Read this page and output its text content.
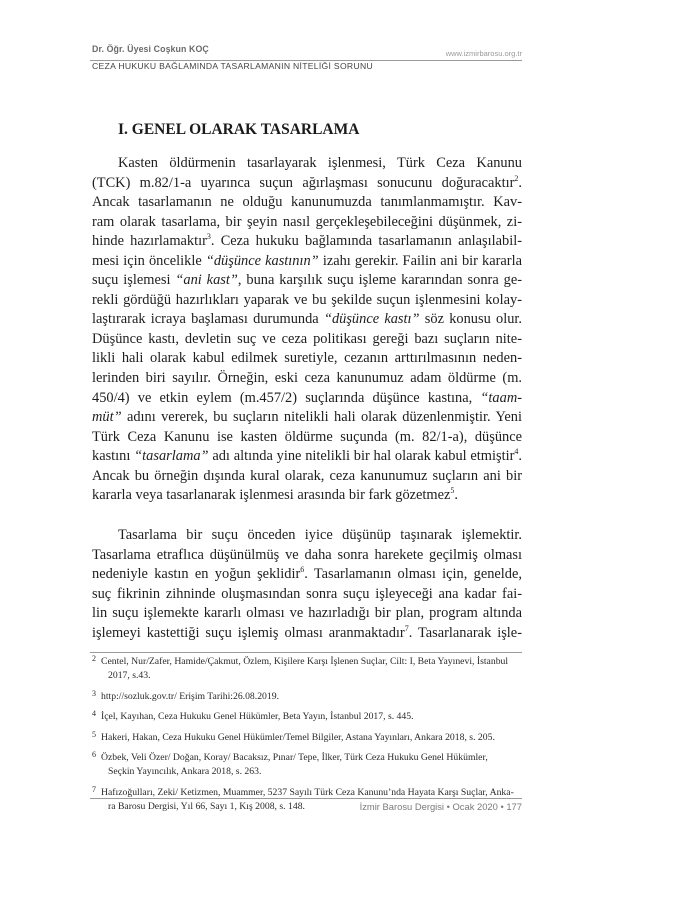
Dr. Öğr. Üyesi Coşkun KOÇ	www.izmirbarosu.org.tr
CEZA HUKUKU BAĞLAMINDA TASARLAMANIN NİTELİĞİ SORUNU
I. GENEL OLARAK TASARLAMA
Kasten öldürmenin tasarlayarak işlenmesi, Türk Ceza Kanunu
(TCK) m.82/1-a uyarınca suçun ağırlaşması sonucunu doğuracaktır$^2$.
Ancak tasarlamanın ne olduğu kanunumuzda tanımlanmamıştır. Kav-
ram olarak tasarlama, bir şeyin nasıl gerçekleşebileceğini düşünmek, zi-
hinde hazırlamaktır$^3$. Ceza hukuku bağlamında tasarlamanın anlaşılabil-
mesi için öncelikle “düşünce kastının” izahı gerekir. Failin ani bir kararla
suçu işlemesi “ani kast”, buna karşılık suçu işleme kararından sonra ge-
rekli gördüğü hazırlıkları yaparak ve bu şekilde suçun işlenmesini kolay-
laştırarak icraya başlaması durumunda “düşünce kastı” söz konusu olur.
Düşünce kastı, devletin suç ve ceza politikası gereği bazı suçların nite-
likli hali olarak kabul edilmek suretiyle, cezanın arttırılmasının neden-
lerinden biri sayılır. Örneğin, eski ceza kanunumuz adam öldürme (m.
450/4) ve etkin eylem (m.457/2) suçlarında düşünce kastına, “taam-
müt” adını vererek, bu suçların nitelikli hali olarak düzenlenmiştir. Yeni
Türk Ceza Kanunu ise kasten öldürme suçunda (m. 82/1-a), düşünce
kastını “tasarlama” adı altında yine nitelikli bir hal olarak kabul etmiştir$^4$.
Ancak bu örneğin dışında kural olarak, ceza kanunumuz suçların ani bir
kararla veya tasarlanarak işlenmesi arasında bir fark gözetmez$^5$.
Tasarlama bir suçu önceden iyice düşünüp taşınarak işlemektir.
Tasarlama etraflıca düşünülmüş ve daha sonra harekete geçilmiş olması
nedeniyle kastın en yoğun şeklidir$^6$. Tasarlamanın olması için, genelde,
suç fikrinin zihninde oluşmasından sonra suçu işleyeceği ana kadar fai-
lin suçu işlemekte kararlı olması ve hazırladığı bir plan, program altında
işlemeyi kastettiği suçu işlemiş olması aranmaktadır$^7$. Tasarlanarak işle-
2 Centel, Nur/Zafer, Hamide/Çakmut, Özlem, Kişilere Karşı İşlenen Suçlar, Cilt: I, Beta Yayınevi, İstanbul
2017, s.43.
3 http://sozluk.gov.tr/ Erişim Tarihi:26.08.2019.
4 İçel, Kayıhan, Ceza Hukuku Genel Hükümler, Beta Yayın, İstanbul 2017, s. 445.
5 Hakeri, Hakan, Ceza Hukuku Genel Hükümler/Temel Bilgiler, Astana Yayınları, Ankara 2018, s. 205.
6 Özbek, Veli Özer/ Doğan, Koray/ Bacaksız, Pınar/ Tepe, İlker, Türk Ceza Hukuku Genel Hükümler,
Seçkin Yayıncılık, Ankara 2018, s. 263.
7 Hafızoğulları, Zeki/ Ketizmen, Muammer, 5237 Sayılı Türk Ceza Kanunu’nda Hayata Karşı Suçlar, Anka-
ra Barosu Dergisi, Yıl 66, Sayı 1, Kış 2008, s. 148.	İzmir Barosu Dergisi • Ocak 2020 • 177
